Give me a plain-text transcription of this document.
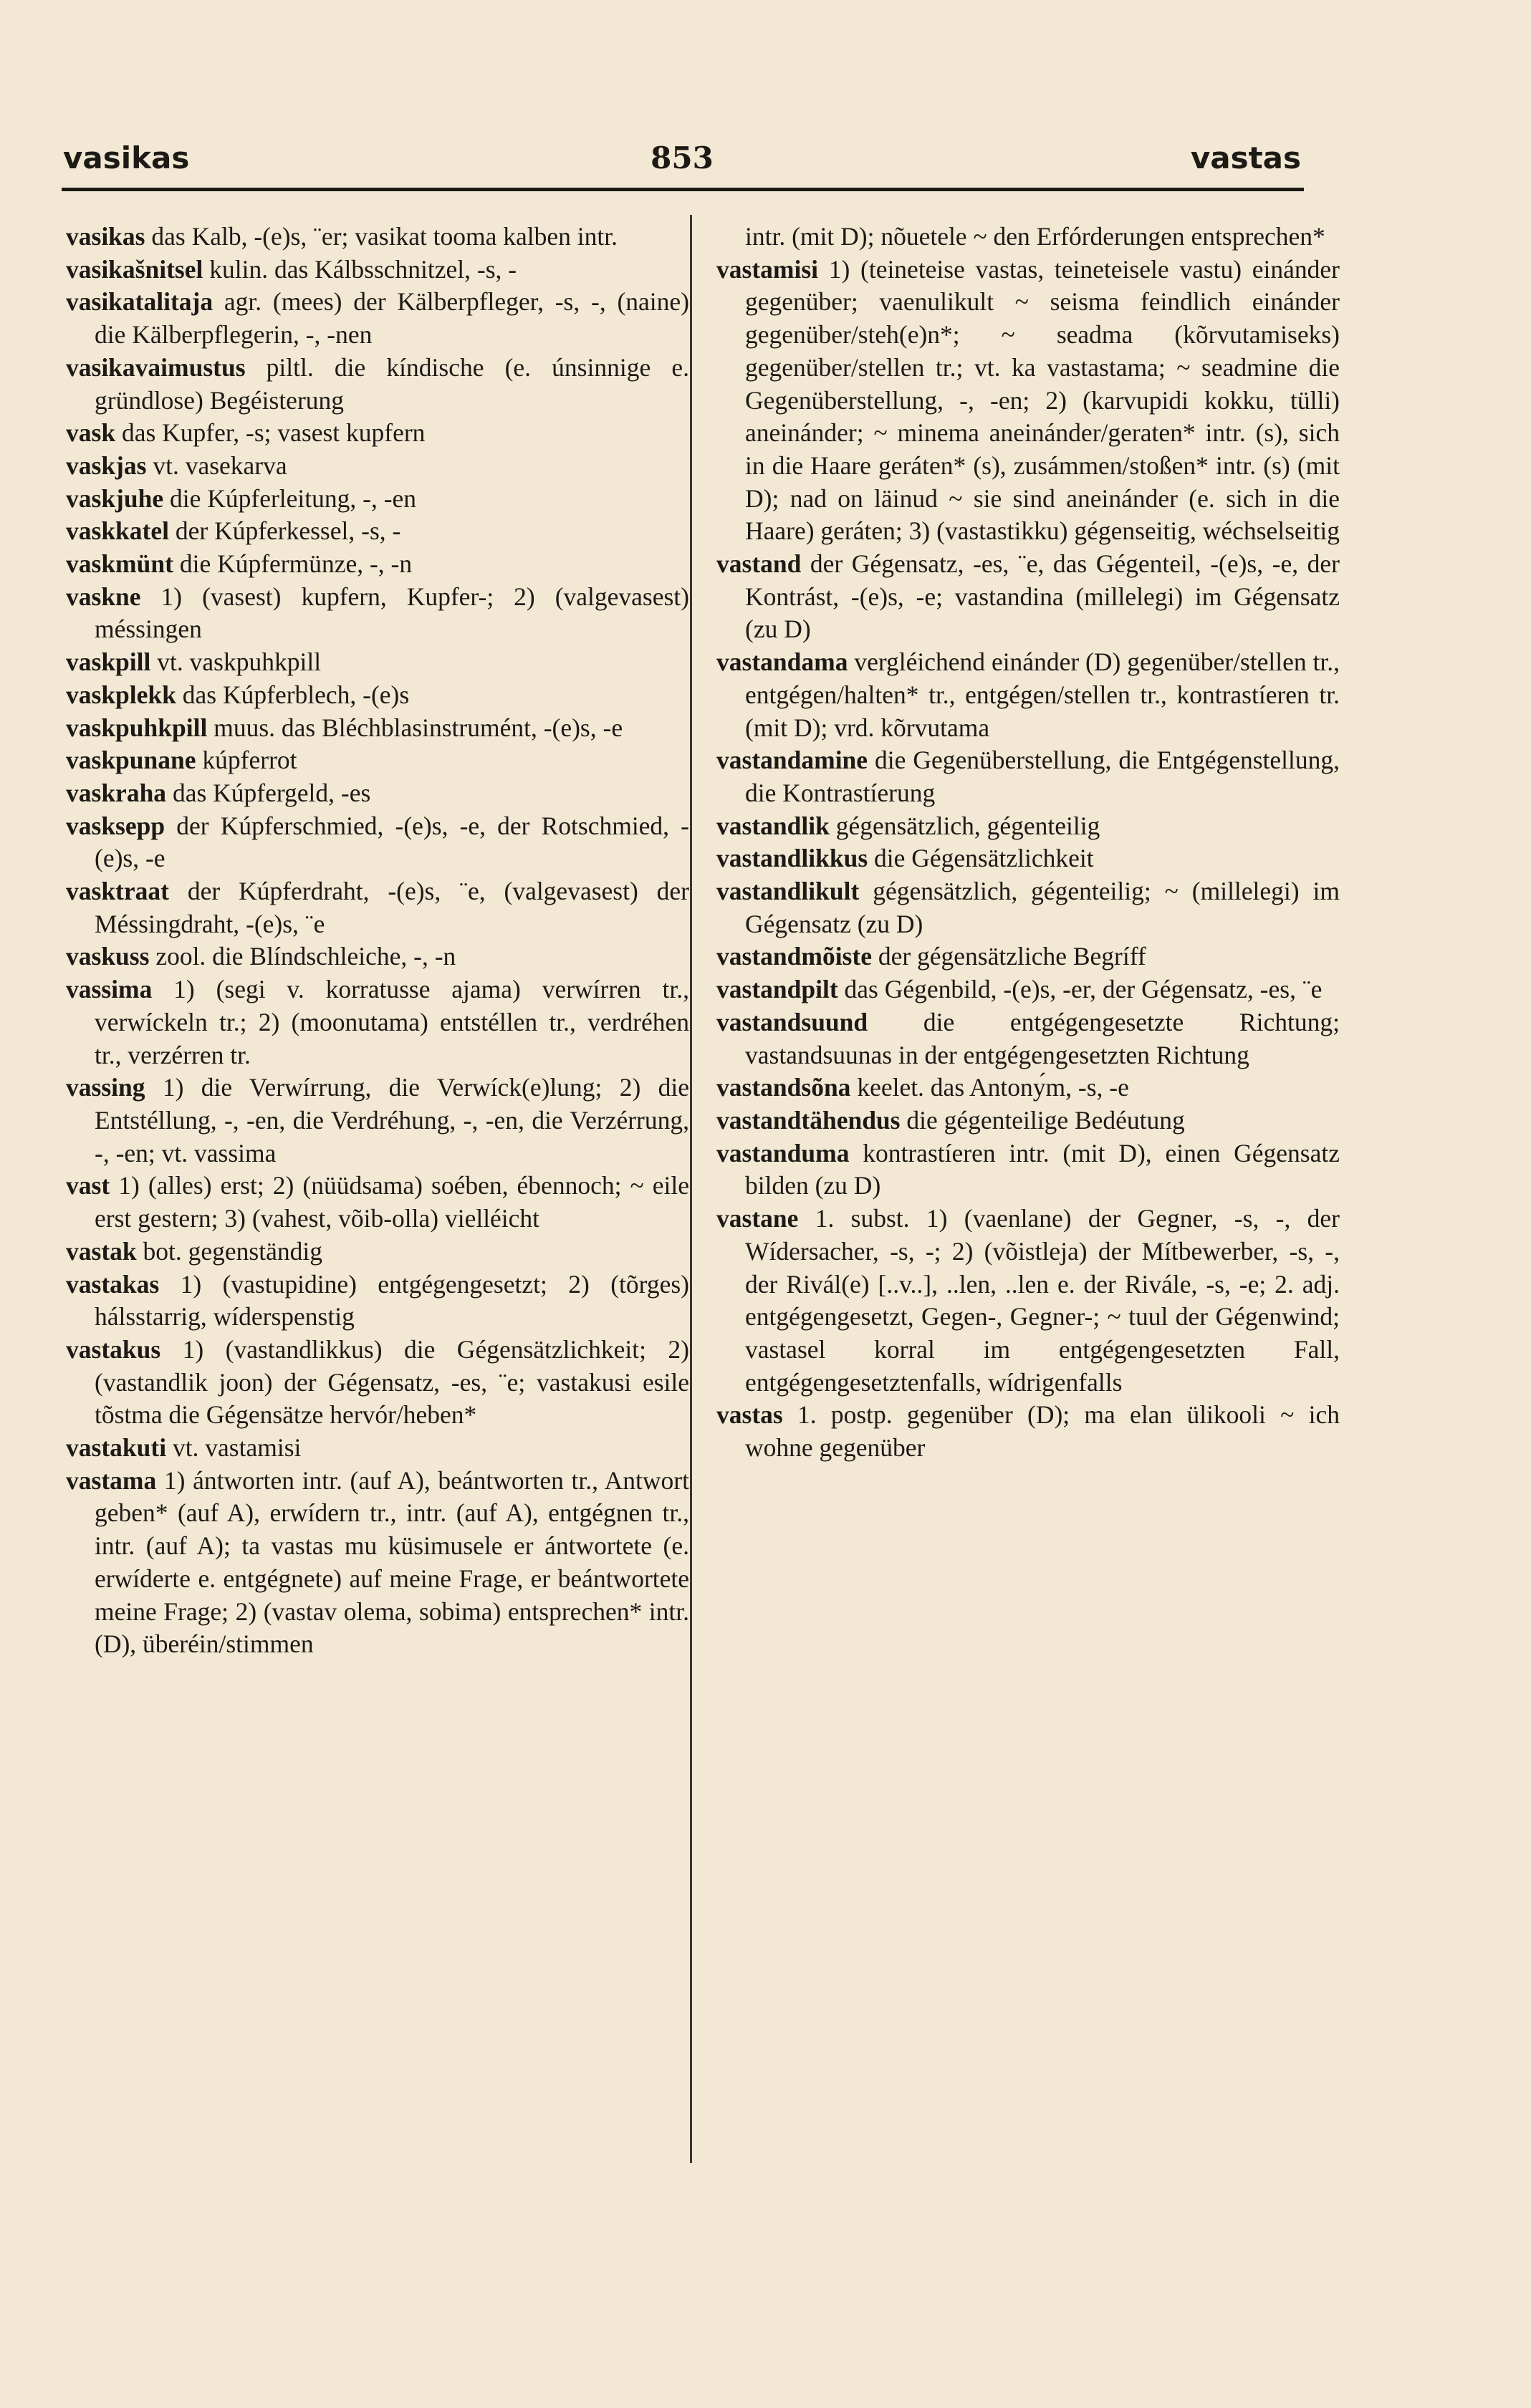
vasikas	853	vastas
vasikas das Kalb, -(e)s, ¨er; vasikat tooma kalben intr.
vasikašnitsel kulin. das Kálbsschnitzel, -s, -
vasikatalitaja agr. (mees) der Kälberpfleger, -s, -, (naine) die Kälberpflegerin, -, -nen
vasikavaimustus piltl. die kíndische (e. únsinnige e. gründlose) Begéisterung
vask das Kupfer, -s; vasest kupfern
vaskjas vt. vasekarva
vaskjuhe die Kúpferleitung, -, -en
vaskkatel der Kúpferkessel, -s, -
vaskmünt die Kúpfermünze, -, -n
vaskne 1) (vasest) kupfern, Kupfer-; 2) (valgevasest) méssingen
vaskpill vt. vaskpuhkpill
vaskplekk das Kúpferblech, -(e)s
vaskpuhkpill muus. das Bléchblasinstrumént, -(e)s, -e
vaskpunane kúpferrot
vaskraha das Kúpfergeld, -es
vasksepp der Kúpferschmied, -(e)s, -e, der Rotschmied, -(e)s, -e
vasktraat der Kúpferdraht, -(e)s, ¨e, (valgevasest) der Méssingdraht, -(e)s, ¨e
vaskuss zool. die Blíndschleiche, -, -n
vassima 1) (segi v. korratusse ajama) verwírren tr., verwíckeln tr.; 2) (moonutama) entstéllen tr., verdréhen tr., verzérren tr.
vassing 1) die Verwírrung, die Verwíck(e)lung; 2) die Entstéllung, -, -en, die Verdréhung, -, -en, die Verzérrung, -, -en; vt. vassima
vast 1) (alles) erst; 2) (nüüdsama) soében, ébennoch; ~ eile erst gestern; 3) (vahest, võib-olla) vielléicht
vastak bot. gegenständig
vastakas 1) (vastupidine) entgégengesetzt; 2) (tõrges) hálsstarrig, wíderspenstig
vastakus 1) (vastandlikkus) die Gégensätzlichkeit; 2) (vastandlik joon) der Gégensatz, -es, ¨e; vastakusi esile tõstma die Gégensätze hervór/heben*
vastakuti vt. vastamisi
vastama 1) ántworten intr. (auf A), beántworten tr., Antwort geben* (auf A), erwídern tr., intr. (auf A), entgégnen tr., intr. (auf A); ta vastas mu küsimusele er ántwortete (e. erwíderte e. entgégnete) auf meine Frage, er beántwortete meine Frage; 2) (vastav olema, sobima) entsprechen* intr. (D), überéin/stimmen
intr. (mit D); nõuetele ~ den Erfórderungen entsprechen*
vastamisi 1) (teineteise vastas, teineteisele vastu) einánder gegenüber; vaenulikult ~ seisma feindlich einánder gegenüber/steh(e)n*; ~ seadma (kõrvutamiseks) gegenüber/stellen tr.; vt. ka vastastama; ~ seadmine die Gegenüberstellung, -, -en; 2) (karvupidi kokku, tülli) aneinánder; ~ minema aneinánder/geraten* intr. (s), sich in die Haare geráten* (s), zusámmen/stoßen* intr. (s) (mit D); nad on läinud ~ sie sind aneinánder (e. sich in die Haare) geráten; 3) (vastastikku) gégenseitig, wéchselseitig
vastand der Gégensatz, -es, ¨e, das Gégenteil, -(e)s, -e, der Kontrást, -(e)s, -e; vastandina (millelegi) im Gégensatz (zu D)
vastandama vergléichend einánder (D) gegenüber/stellen tr., entgégen/halten* tr., entgégen/stellen tr., kontrastíeren tr. (mit D); vrd. kõrvutama
vastandamine die Gegenüberstellung, die Entgégenstellung, die Kontrastíerung
vastandlik gégensätzlich, gégenteilig
vastandlikkus die Gégensätzlichkeit
vastandlikult gégensätzlich, gégenteilig; ~ (millelegi) im Gégensatz (zu D)
vastandmõiste der gégensätzliche Begríff
vastandpilt das Gégenbild, -(e)s, -er, der Gégensatz, -es, ¨e
vastandsuund die entgégengesetzte Richtung; vastandsuunas in der entgégengesetzten Richtung
vastandsõna keelet. das Antonу́m, -s, -e
vastandtähendus die gégenteilige Bedéutung
vastanduma kontrastíeren intr. (mit D), einen Gégensatz bilden (zu D)
vastane 1. subst. 1) (vaenlane) der Gegner, -s, -, der Wídersacher, -s, -; 2) (võistleja) der Mítbewerber, -s, -, der Rivál(e) [..v..], ..len, ..len e. der Riválе, -s, -e; 2. adj. entgégengesetzt, Gegen-, Gegner-; ~ tuul der Gégenwind; vastasel korral im entgégengesetzten Fall, entgégengesetztenfalls, wídrigenfalls
vastas 1. postp. gegenüber (D); ma elan ülikooli ~ ich wohne gegenüber
